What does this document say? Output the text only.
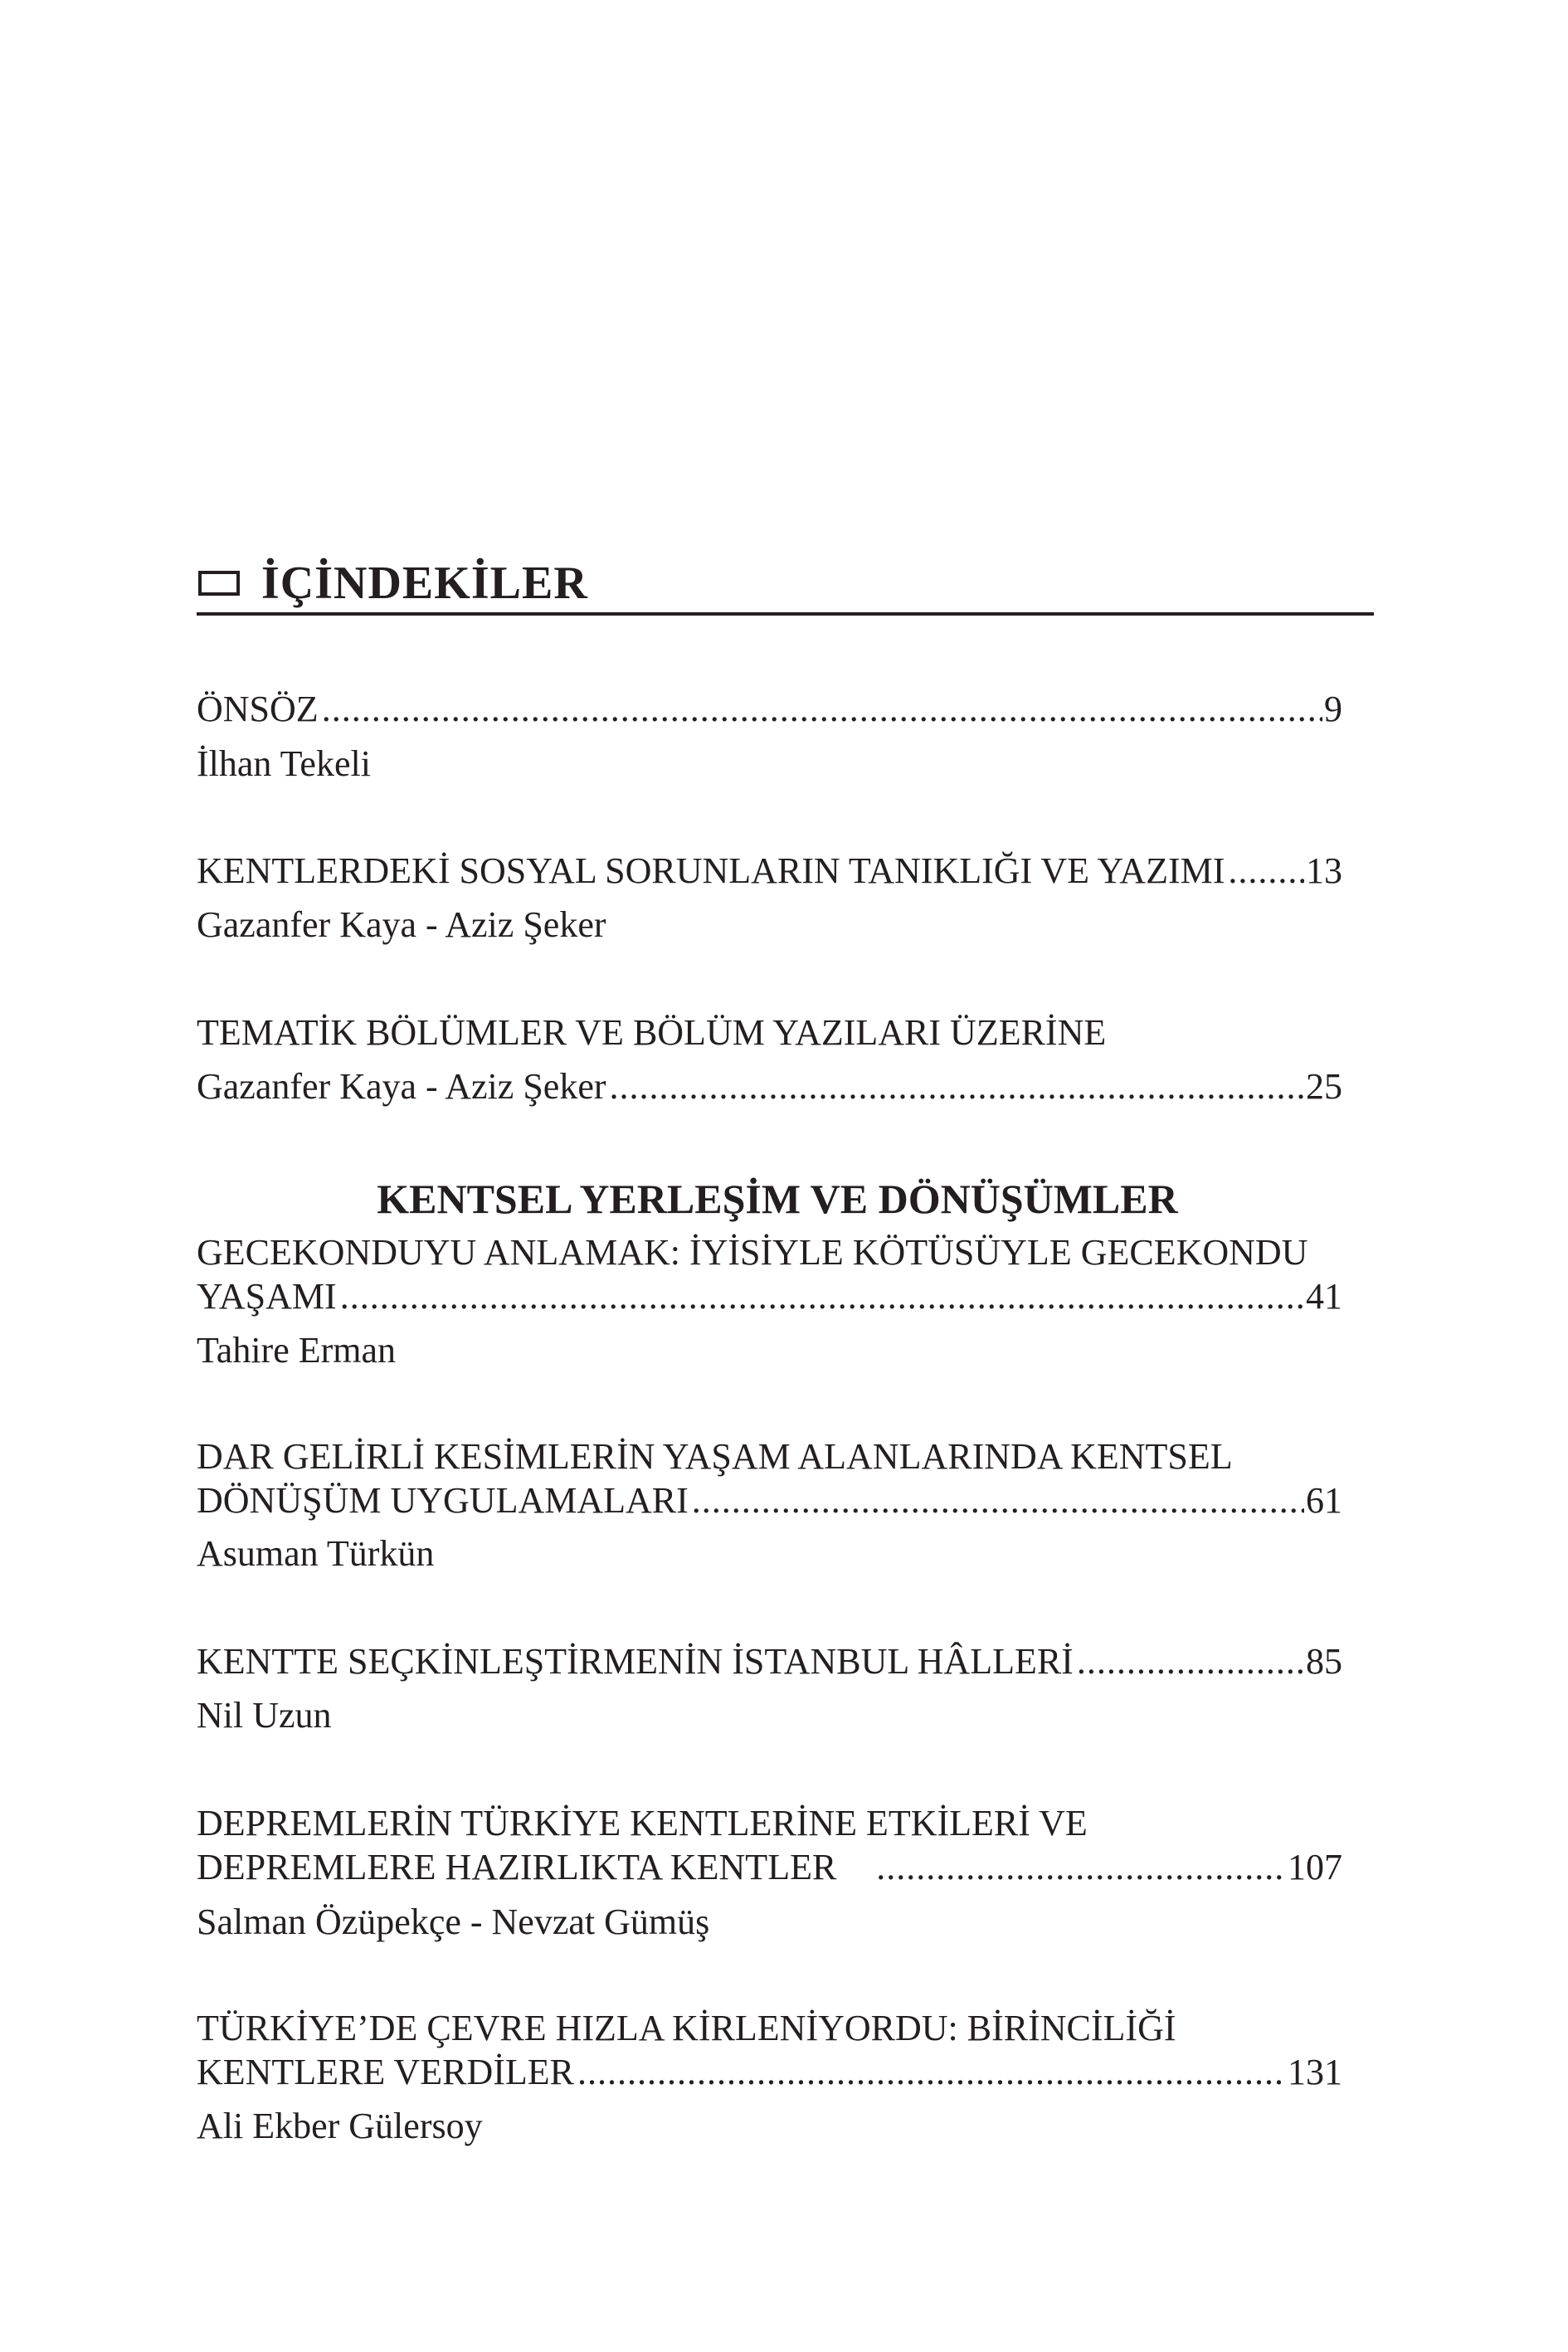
İÇİNDEKİLER
ÖNSÖZ .....	9
İlhan Tekeli
KENTLERDEKİ SOSYAL SORUNLARIN TANIKLIĞI VE YAZIMI ..... 13
Gazanfer Kaya - Aziz Şeker
TEMATİK BÖLÜMLER VE BÖLÜM YAZILARI ÜZERİNE
Gazanfer Kaya - Aziz Şeker .....	25
KENTSEL YERLEŞİM VE DÖNÜŞÜMLER
GECEKONDUYU ANLAMAK: İYİSİYLE KÖTÜSÜYLE GECEKONDU
YAŞAMI .....	41
Tahire Erman
DAR GELİRLİ KESİMLERİN YAŞAM ALANLARINDA KENTSEL
DÖNÜŞÜM UYGULAMALARI .....	61
Asuman Türkün
KENTTE SEÇKİNLEŞTİRMENİN İSTANBUL HÂLLERİ .....	85
Nil Uzun
DEPREMLERİN TÜRKİYE KENTLERİNE ETKİLERİ VE
DEPREMLERE HAZIRLIKTA KENTLER .....	107
Salman Özüpekçe - Nevzat Gümüş
TÜRKİYE’DE ÇEVRE HIZLA KİRLENİYORDU: BİRİNCİLİĞİ
KENTLERE VERDİLER .....	131
Ali Ekber Gülersoy
